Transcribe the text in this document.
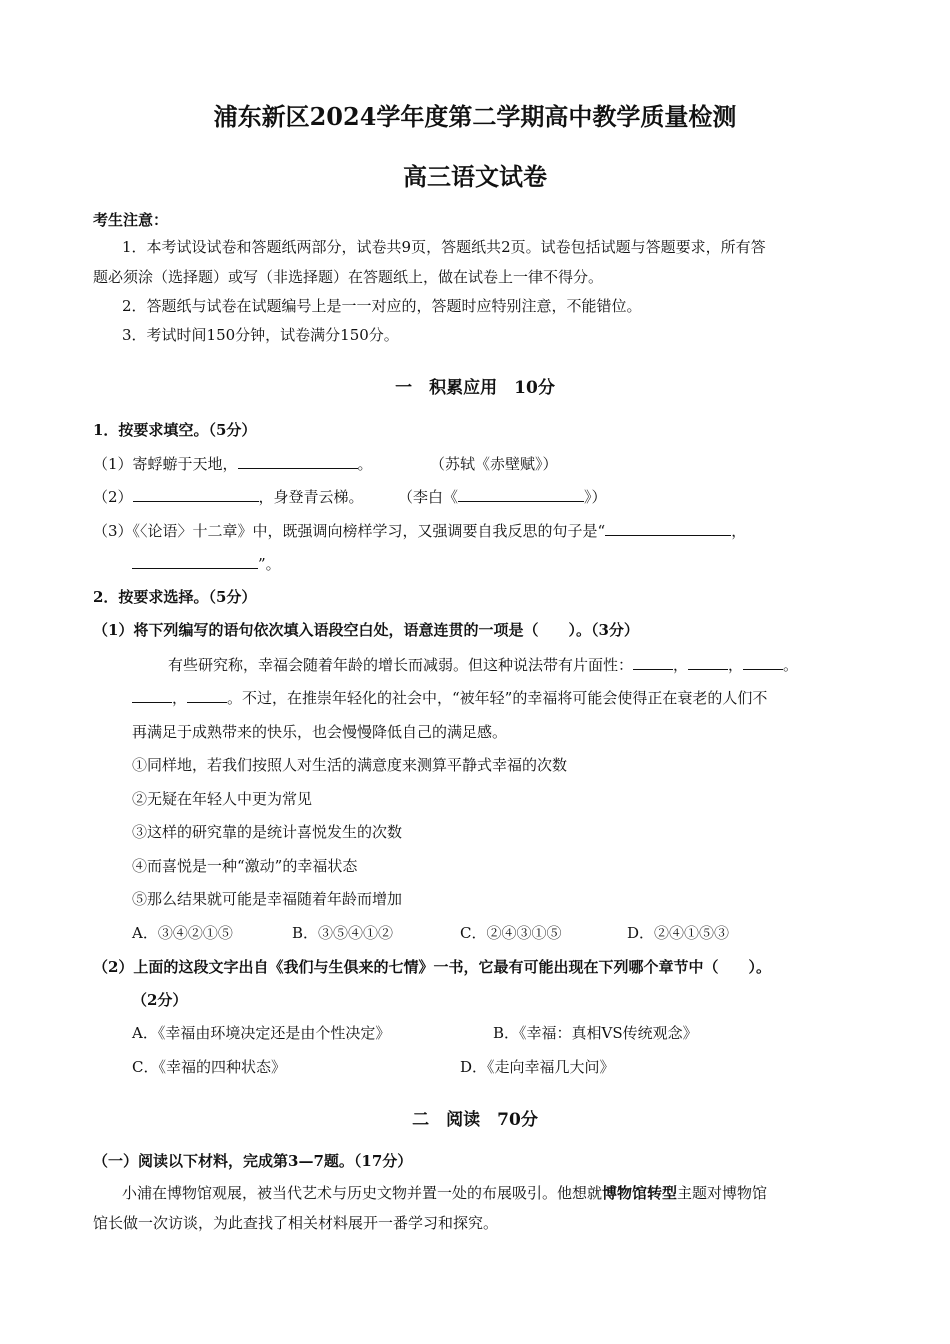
浦东新区2024学年度第二学期高中教学质量检测
高三语文试卷
考生注意：
1．本考试设试卷和答题纸两部分，试卷共9页，答题纸共2页。试卷包括试题与答题要求，所有答
题必须涂（选择题）或写（非选择题）在答题纸上，做在试卷上一律不得分。
2．答题纸与试卷在试题编号上是一一对应的，答题时应特别注意，不能错位。
3．考试时间150分钟，试卷满分150分。
一　积累应用　10分
1．按要求填空。（5分）
（1）寄蜉蝣于天地，	。	（苏轼《赤壁赋》）
（2）	，身登青云梯。 （李白《	》）
（3）《〈论语〉十二章》中，既强调向榜样学习，又强调要自我反思的句子是“	，
”。
2．按要求选择。（5分）
（1）将下列编写的语句依次填入语段空白处，语意连贯的一项是（　　）。（3分）
有些研究称，幸福会随着年龄的增长而减弱。但这种说法带有片面性：	，	，	。
，	。不过，在推崇年轻化的社会中，“被年轻”的幸福将可能会使得正在衰老的人们不
再满足于成熟带来的快乐，也会慢慢降低自己的满足感。
①同样地，若我们按照人对生活的满意度来测算平静式幸福的次数
②无疑在年轻人中更为常见
③这样的研究靠的是统计喜悦发生的次数
④而喜悦是一种“激动”的幸福状态
⑤那么结果就可能是幸福随着年龄而增加
A．③④②①⑤	B．③⑤④①②	C．②④③①⑤	D．②④①⑤③
（2）上面的这段文字出自《我们与生俱来的七情》一书，它最有可能出现在下列哪个章节中（　　）。
（2分）
A．《幸福由环境决定还是由个性决定》	B．《幸福：真相VS传统观念》
C．《幸福的四种状态》	D．《走向幸福几大问》
二　阅读　70分
（一）阅读以下材料，完成第3—7题。（17分）
小浦在博物馆观展，被当代艺术与历史文物并置一处的布展吸引。他想就博物馆转型主题对博物馆
馆长做一次访谈，为此查找了相关材料展开一番学习和探究。
